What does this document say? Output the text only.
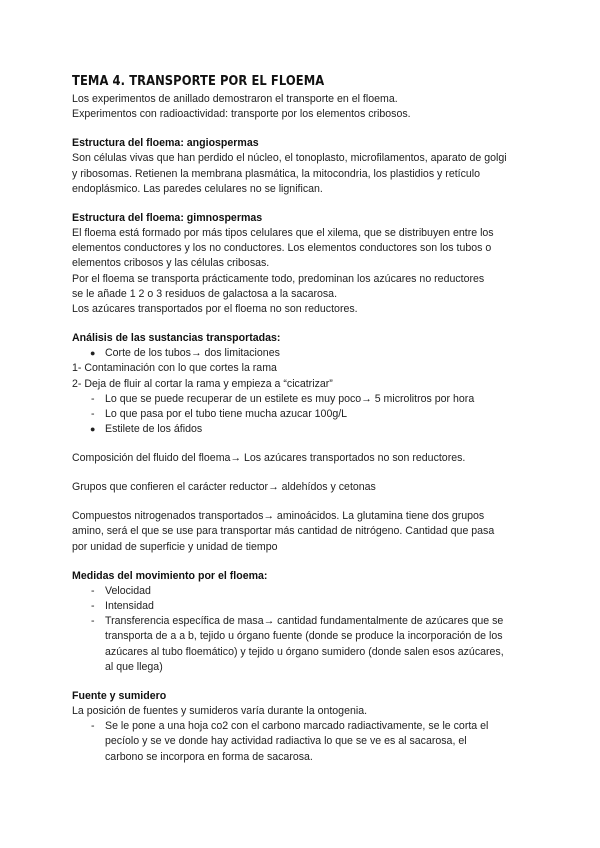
TEMA 4. TRANSPORTE POR EL FLOEMA

Los experimentos de anillado demostraron el transporte en el floema.

Experimentos con radioactividad: transporte por los elementos cribosos.

Estructura del floema: angiospermas

Son células vivas que han perdido el núcleo, el tonoplasto, microfilamentos, aparato de golgi

y ribosomas. Retienen la membrana plasmática, la mitocondria, los plastidios y retículo

endoplásmico. Las paredes celulares no se lignifican.

Estructura del floema: gimnospermas

El floema está formado por más tipos celulares que el xilema, que se distribuyen entre los

elementos conductores y los no conductores. Los elementos conductores son los tubos o

elementos cribosos y las células cribosas.

Por el floema se transporta prácticamente todo, predominan los azúcares no reductores

se le añade 1 2 o 3 residuos de galactosa a la sacarosa.

Los azúcares transportados por el floema no son reductores.

Análisis de las sustancias transportadas:

● Corte de los tubos→ dos limitaciones

1- Contaminación con lo que cortes la rama

2- Deja de fluir al cortar la rama y empieza a “cicatrizar”

- Lo que se puede recuperar de un estilete es muy poco→ 5 microlitros por hora
- Lo que pasa por el tubo tiene mucha azucar 100g/L
● Estilete de los áfidos

Composición del fluido del floema→ Los azúcares transportados no son reductores.

Grupos que confieren el carácter reductor→ aldehídos y cetonas

Compuestos nitrogenados transportados→ aminoácidos. La glutamina tiene dos grupos

amino, será el que se use para transportar más cantidad de nitrógeno. Cantidad que pasa

por unidad de superficie y unidad de tiempo

Medidas del movimiento por el floema:

- Velocidad
- Intensidad
- Transferencia específica de masa→ cantidad fundamentalmente de azúcares que se
transporta de a a b, tejido u órgano fuente (donde se produce la incorporación de los
azúcares al tubo floemático) y tejido u órgano sumidero (donde salen esos azúcares,
al que llega)

Fuente y sumidero

La posición de fuentes y sumideros varía durante la ontogenia.

- Se le pone a una hoja co2 con el carbono marcado radiactivamente, se le corta el
pecíolo y se ve donde hay actividad radiactiva lo que se ve es al sacarosa, el
carbono se incorpora en forma de sacarosa.
